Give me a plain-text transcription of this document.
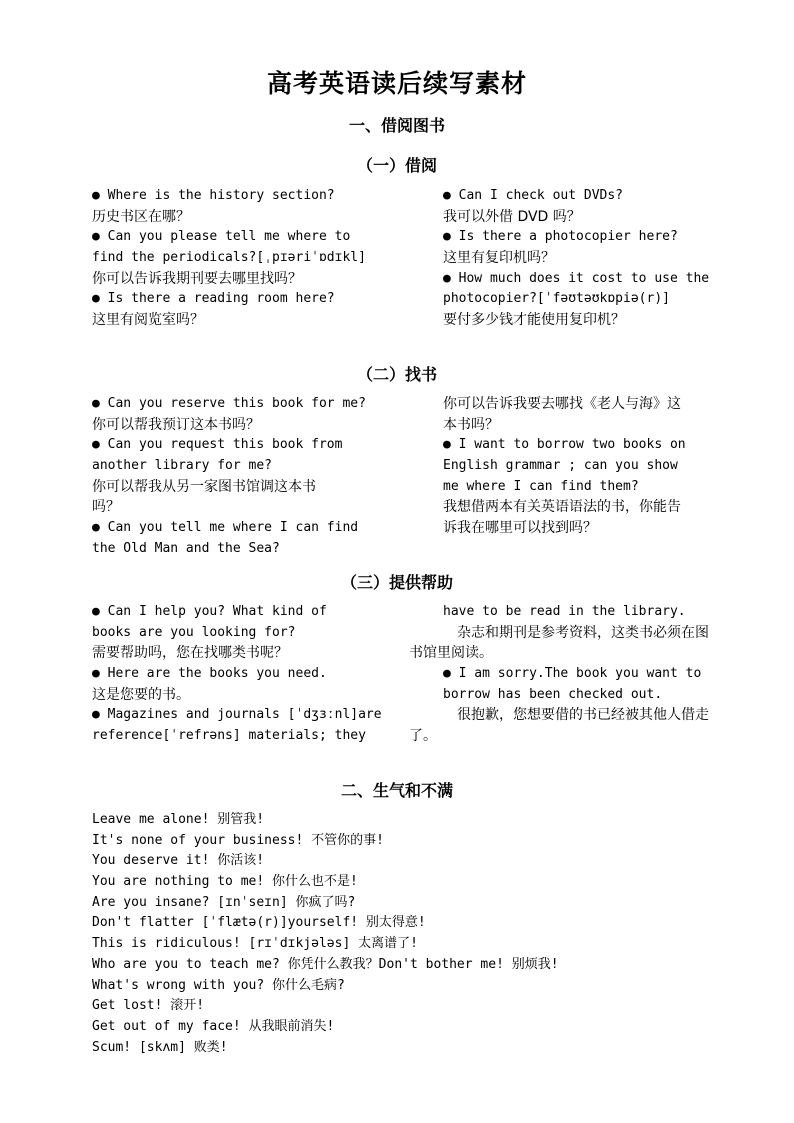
高考英语读后续写素材
一、借阅图书
（一）借阅
● Where is the history section?
历史书区在哪？
● Can you please tell me where to
find the periodicals?[ˌpɪəriˈɒdɪkl]
你可以告诉我期刊要去哪里找吗？
● Is there a reading room here?
这里有阅览室吗？
● Can I check out DVDs?
我可以外借 DVD 吗？
● Is there a photocopier here?
这里有复印机吗？
● How much does it cost to use the
photocopier?[ˈfəʊtəʊkɒpiə(r)]
要付多少钱才能使用复印机？
（二）找书
● Can you reserve this book for me?
你可以帮我预订这本书吗？
● Can you request this book from
another library for me?
你可以帮我从另一家图书馆调这本书
吗？
● Can you tell me where I can find
the Old Man and the Sea?
你可以告诉我要去哪找《老人与海》这
本书吗？
● I want to borrow two books on
English grammar ; can you show
me where I can find them?
我想借两本有关英语语法的书，你能告
诉我在哪里可以找到吗？
（三）提供帮助
● Can I help you? What kind of
books are you looking for?
需要帮助吗，您在找哪类书呢？
● Here are the books you need.
这是您要的书。
● Magazines and journals [ˈdʒɜːnl]are
reference[ˈrefrəns] materials; they
have to be read in the library.
　杂志和期刊是参考资料，这类书必须在图
书馆里阅读。
● I am sorry.The book you want to
borrow has been checked out.
　很抱歉，您想要借的书已经被其他人借走
了。
二、生气和不满
Leave me alone! 别管我!
It's none of your business! 不管你的事!
You deserve it! 你活该!
You are nothing to me! 你什么也不是!
Are you insane? [ɪnˈseɪn] 你疯了吗?
Don't flatter [ˈflætə(r)]yourself! 别太得意!
This is ridiculous! [rɪˈdɪkjələs] 太离谱了!
Who are you to teach me? 你凭什么教我？Don't bother me! 别烦我!
What's wrong with you? 你什么毛病?
Get lost! 滚开!
Get out of my face! 从我眼前消失!
Scum! [skʌm] 败类!
